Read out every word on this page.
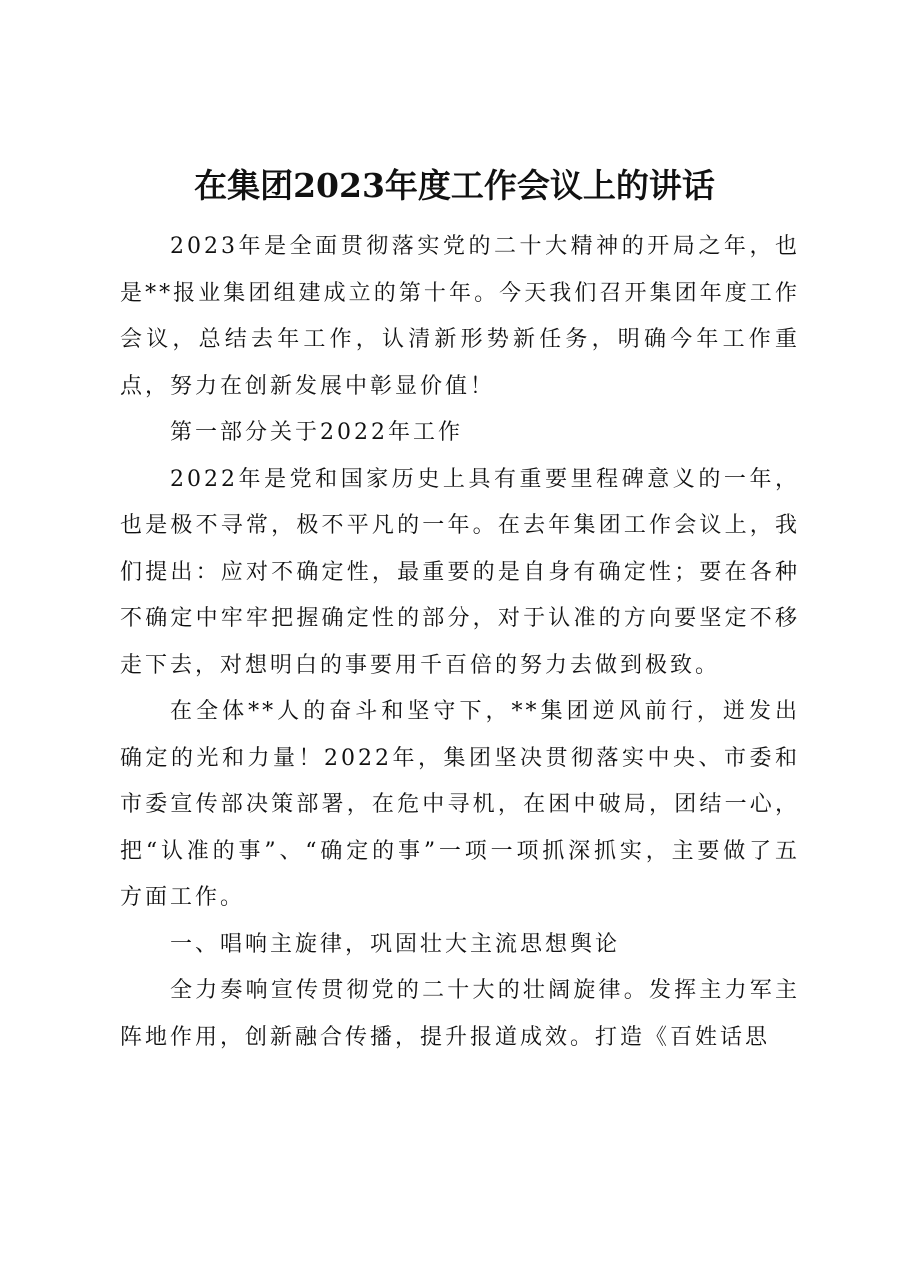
在集团2023年度工作会议上的讲话

2023年是全面贯彻落实党的二十大精神的开局之年，也是**报业集团组建成立的第十年。今天我们召开集团年度工作会议，总结去年工作，认清新形势新任务，明确今年工作重点，努力在创新发展中彰显价值！

第一部分关于2022年工作

2022年是党和国家历史上具有重要里程碑意义的一年，也是极不寻常，极不平凡的一年。在去年集团工作会议上，我们提出：应对不确定性，最重要的是自身有确定性；要在各种不确定中牢牢把握确定性的部分，对于认准的方向要坚定不移走下去，对想明白的事要用千百倍的努力去做到极致。

在全体**人的奋斗和坚守下，**集团逆风前行，迸发出确定的光和力量！2022年，集团坚决贯彻落实中央、市委和市委宣传部决策部署，在危中寻机，在困中破局，团结一心，把“认准的事”、“确定的事”一项一项抓深抓实，主要做了五方面工作。

一、唱响主旋律，巩固壮大主流思想舆论

全力奏响宣传贯彻党的二十大的壮阔旋律。发挥主力军主阵地作用，创新融合传播，提升报道成效。打造《百姓话思
